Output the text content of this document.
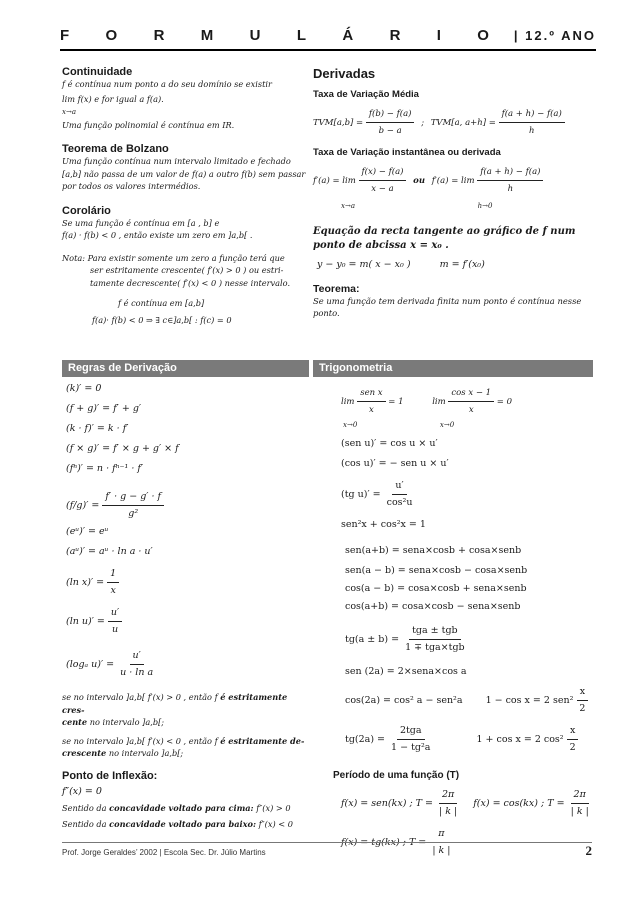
F O R M U L Á R I O | 12.º ANO

Continuidade

f é contínua num ponto a do seu domínio se existir

lim f(x) e for igual a f(a).
x→a

Uma função polinomial é contínua em IR.

Teorema de Bolzano

Uma função contínua num intervalo limitado e fechado [a,b] não passa de um valor de f(a) a outro f(b) sem passar por todos os valores intermédios.

Corolário

Se uma função é contínua em [a , b] e

f(a) · f(b) < 0 , então existe um zero em ]a,b[ .

Nota: Para existir somente um zero a função terá que

ser estritamente crescente( f′(x) > 0 ) ou estri-

tamente decrescente( f′(x) < 0 ) nesse intervalo.

f é contínua em [a,b]

f(a)· f(b) < 0 ⇒ ∃ c∈]a,b[ : f(c) = 0

Regras de Derivação

(k)′ = 0

(f + g)′ = f′ + g′

(k · f)′ = k · f′

(f × g)′ = f′ × g + g′ × f

(fⁿ)′ = n · fⁿ⁻¹ · f′

$(f/g)' = \frac{f' \cdot g - g' \cdot f}{\text{g²}}$

(eᵘ)′ = eᵘ

(aᵘ)′ = aᵘ · ln a · u′

(ln $x)' = \frac{1}{x}$

(ln $u)' = \frac{u'}{u}$

(logₐ $u)' = \frac{u'}{\text{u · ln a}}$

se no intervalo ]a,b[ f′(x) > 0 , então f é estritamente cres-

cente no intervalo ]a,b[;

se no intervalo ]a,b[ f′(x) < 0 , então f é estritamente de-

crescente no intervalo ]a,b[;

Ponto de Inflexão:

f″(x) = 0

Sentido da concavidade voltado para cima: f″(x) > 0

Sentido da concavidade voltado para baixo: f″(x) < 0

Derivadas

Taxa de Variação Média

$TVM[a,b] = \frac{f(b) - f(a)}{b - a}$ ; TVM[a, $a+h] = \frac{f(a + h) - f(a)}{h}$

Taxa de Variação instantânea ou derivada

$f'(a) = \lim \frac{f(x) - f(a)}{x - a}$ ou $f'(a) = \lim \frac{f(a + h) - f(a)}{h}$

x→a	h→0

Equação da recta tangente ao gráfico de f num
ponto de abcissa x = x₀ .

y − y₀ = m( x − x₀ )	m = f′(x₀)

Teorema:

Se uma função tem derivada finita num ponto é contínua nesse ponto.

Trigonometria

$\lim \frac{\text{sen x}}{x} = 1$	$\lim \frac{\text{cos x − 1}}{x} = 0$

x→0	x→0

(sen u)′ = cos u × u′

(cos u)′ = − sen u × u′

(tg $u)' = \frac{u'}{\text{cos²u}}$

sen²x + cos²x = 1

sen(a+b) = sena×cosb + cosa×senb

sen(a − b) = sena×cosb − cosa×senb

cos(a − b) = cosa×cosb + sena×senb

cos(a+b) = cosa×cosb − sena×senb

$tg(a \pm b) = \frac{\text{tga ± tgb}}{\text{1 ∓ tga×tgb}}$

sen (2a) = 2×sena×cos a

cos(2a) = cos² a − sen²a 1 − cos x = 2 $sen^2 \frac{x}{2}$

$tg(2a) = \frac{\text{2tga}}{\text{1 − tg²a}}$	1 + cos x = 2 $\cos^2 \frac{x}{2}$

Período de uma função (T)

f(x) = sen(kx) ; $T = \frac{2\pi}{| k |} f(x) = \cos(kx)$ ; $T = \frac{2\pi}{| k |}$

f(x) = tg(kx) ; $T = \frac{\pi}{| k |}$

Prof. Jorge Geraldes’ 2002 | Escola Sec. Dr. Júlio Martins	2
